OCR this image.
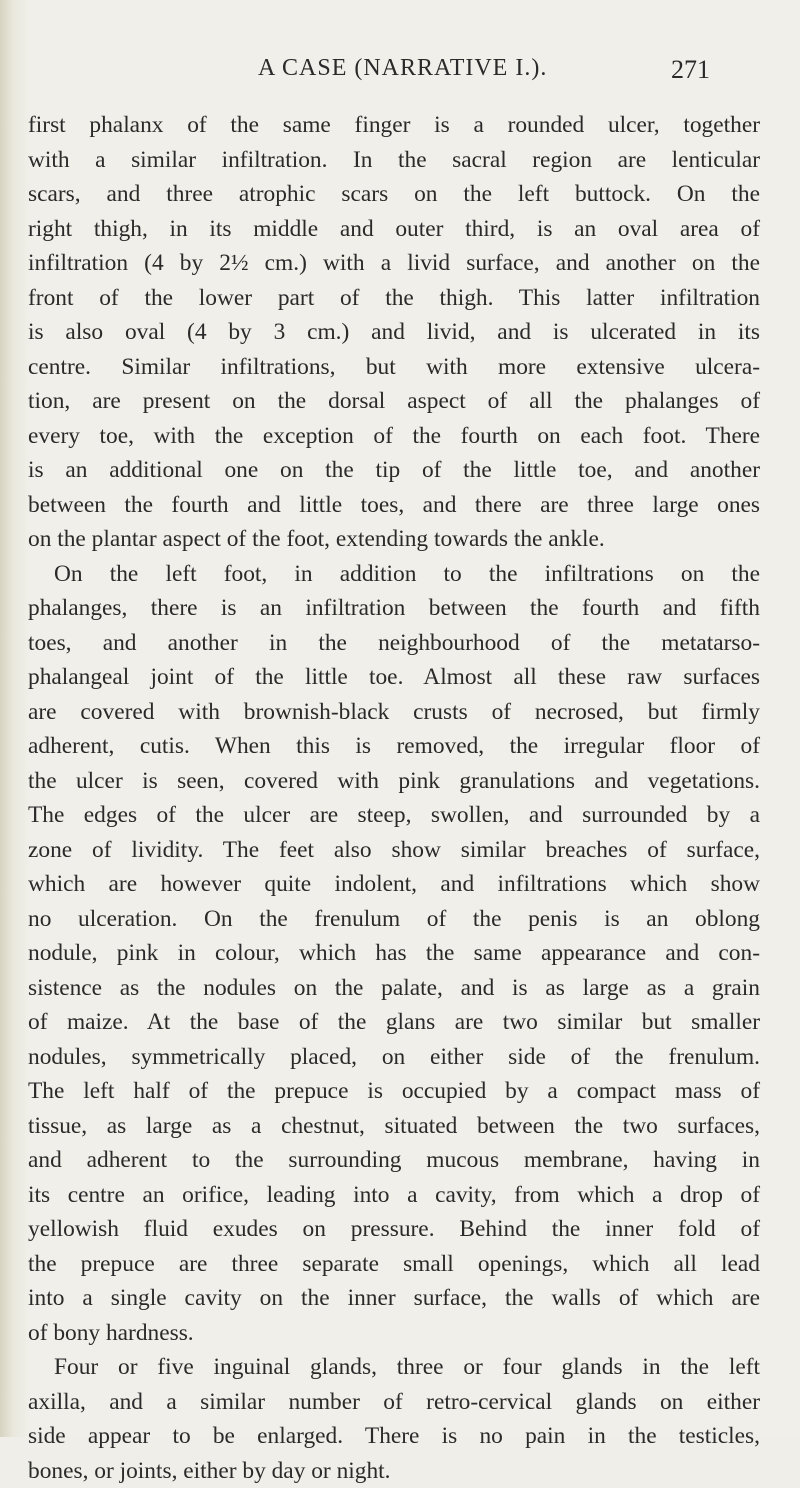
A CASE (NARRATIVE I.).	271
first phalanx of the same finger is a rounded ulcer, together
with a similar infiltration. In the sacral region are lenticular
scars, and three atrophic scars on the left buttock. On the
right thigh, in its middle and outer third, is an oval area of
infiltration (4 by 2½ cm.) with a livid surface, and another on the
front of the lower part of the thigh. This latter infiltration
is also oval (4 by 3 cm.) and livid, and is ulcerated in its
centre. Similar infiltrations, but with more extensive ulcera-
tion, are present on the dorsal aspect of all the phalanges of
every toe, with the exception of the fourth on each foot. There
is an additional one on the tip of the little toe, and another
between the fourth and little toes, and there are three large ones
on the plantar aspect of the foot, extending towards the ankle.
On the left foot, in addition to the infiltrations on the
phalanges, there is an infiltration between the fourth and fifth
toes, and another in the neighbourhood of the metatarso-
phalangeal joint of the little toe. Almost all these raw surfaces
are covered with brownish-black crusts of necrosed, but firmly
adherent, cutis. When this is removed, the irregular floor of
the ulcer is seen, covered with pink granulations and vegetations.
The edges of the ulcer are steep, swollen, and surrounded by a
zone of lividity. The feet also show similar breaches of surface,
which are however quite indolent, and infiltrations which show
no ulceration. On the frenulum of the penis is an oblong
nodule, pink in colour, which has the same appearance and con-
sistence as the nodules on the palate, and is as large as a grain
of maize. At the base of the glans are two similar but smaller
nodules, symmetrically placed, on either side of the frenulum.
The left half of the prepuce is occupied by a compact mass of
tissue, as large as a chestnut, situated between the two surfaces,
and adherent to the surrounding mucous membrane, having in
its centre an orifice, leading into a cavity, from which a drop of
yellowish fluid exudes on pressure. Behind the inner fold of
the prepuce are three separate small openings, which all lead
into a single cavity on the inner surface, the walls of which are
of bony hardness.
Four or five inguinal glands, three or four glands in the left
axilla, and a similar number of retro-cervical glands on either
side appear to be enlarged. There is no pain in the testicles,
bones, or joints, either by day or night.
